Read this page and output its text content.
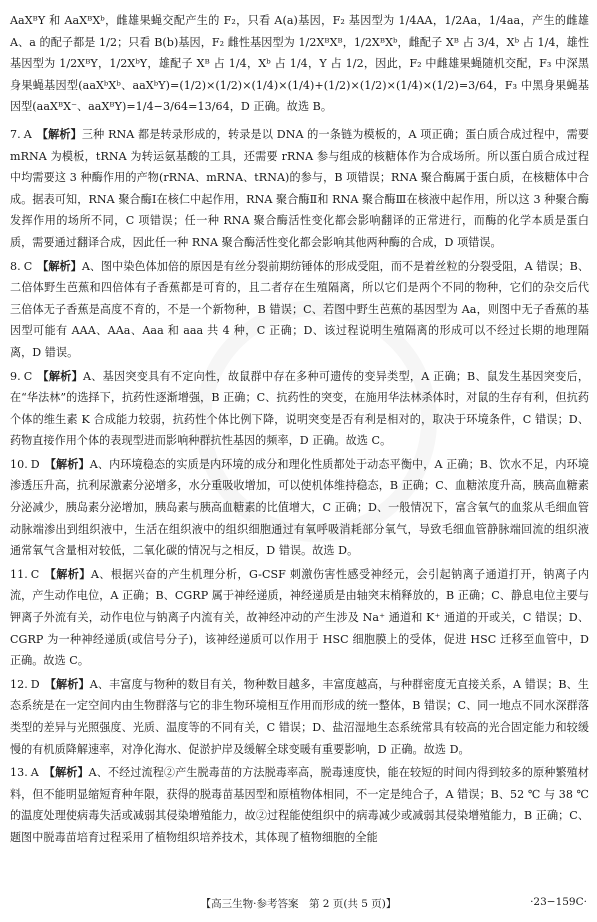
AaXᴮY 和 AaXᴮXᵇ，雌雄果蝇交配产生的 F₂，只看 A(a)基因，F₂ 基因型为 1/4AA，1/2Aa，1/4aa，产生的雌雄A、a 的配子都是 1/2；只看 B(b)基因，F₂ 雌性基因型为 1/2XᴮXᴮ，1/2XᴮXᵇ，雌配子 Xᴮ 占 3/4，Xᵇ 占 1/4，雄性基因型为 1/2XᴮY，1/2XᵇY，雄配子 Xᴮ 占 1/4，Xᵇ 占 1/4，Y 占 1/2，因此，F₂ 中雌雄果蝇随机交配，F₃ 中深黑身果蝇基因型(aaXᵇXᵇ、aaXᵇY)=(1/2)×(1/2)×(1/4)×(1/4)+(1/2)×(1/2)×(1/4)×(1/2)=3/64，F₃ 中黑身果蝇基因型(aaXᴮX⁻、aaXᴮY)=1/4−3/64=13/64，D 正确。故选 B。

7. A 【解析】三种 RNA 都是转录形成的，转录是以 DNA 的一条链为模板的，A 项正确；蛋白质合成过程中，需要 mRNA 为模板，tRNA 为转运氨基酸的工具，还需要 rRNA 参与组成的核糖体作为合成场所。所以蛋白质合成过程中均需要这 3 种酶作用的产物(rRNA、mRNA、tRNA)的参与，B 项错误；RNA 聚合酶属于蛋白质，在核糖体中合成。据表可知，RNA 聚合酶Ⅰ在核仁中起作用，RNA 聚合酶Ⅱ和 RNA 聚合酶Ⅲ在核液中起作用，所以这 3 种聚合酶发挥作用的场所不同，C 项错误；任一种 RNA 聚合酶活性变化都会影响翻译的正常进行，而酶的化学本质是蛋白质，需要通过翻译合成，因此任一种 RNA 聚合酶活性变化都会影响其他两种酶的合成，D 项错误。

8. C 【解析】A、图中染色体加倍的原因是有丝分裂前期纺锤体的形成受阻，而不是着丝粒的分裂受阻，A 错误；B、二倍体野生芭蕉和四倍体有子香蕉都是可育的，且二者存在生殖隔离，所以它们是两个不同的物种，它们的杂交后代三倍体无子香蕉是高度不育的，不是一个新物种，B 错误；C、若图中野生芭蕉的基因型为 Aa，则图中无子香蕉的基因型可能有 AAA、AAa、Aaa 和 aaa 共 4 种，C 正确；D、该过程说明生殖隔离的形成可以不经过长期的地理隔离，D 错误。

9. C 【解析】A、基因突变具有不定向性，故鼠群中存在多种可遗传的变异类型，A 正确；B、鼠发生基因突变后，在“华法林”的选择下，抗药性逐渐增强，B 正确；C、抗药性的突变，在施用华法林杀体时，对鼠的生存有利，但抗药个体的维生素 K 合成能力较弱，抗药性个体比例下降，说明突变是否有利是相对的，取决于环境条件，C 错误；D、药物直接作用个体的表现型进而影响种群抗性基因的频率，D 正确。故选 C。

10. D 【解析】A、内环境稳态的实质是内环境的成分和理化性质都处于动态平衡中，A 正确；B、饮水不足，内环境渗透压升高，抗利尿激素分泌增多，水分重吸收增加，可以使机体维持稳态，B 正确；C、血糖浓度升高，胰高血糖素分泌减少，胰岛素分泌增加，胰岛素与胰高血糖素的比值增大，C 正确；D、一般情况下，富含氧气的血浆从毛细血管动脉端渗出到组织液中，生活在组织液中的组织细胞通过有氧呼吸消耗部分氧气，导致毛细血管静脉端回流的组织液通常氧气含量相对较低，二氧化碳的情况与之相反，D 错误。故选 D。

11. C 【解析】A、根据兴奋的产生机理分析，G-CSF 刺激伤害性感受神经元，会引起钠离子通道打开，钠离子内流，产生动作电位，A 正确；B、CGRP 属于神经递质，神经递质是由轴突末梢释放的，B 正确；C、静息电位主要与钾离子外流有关，动作电位与钠离子内流有关，故神经冲动的产生涉及 Na⁺ 通道和 K⁺ 通道的开或关，C 错误；D、CGRP 为一种神经递质(或信号分子)，该神经递质可以作用于 HSC 细胞膜上的受体，促进 HSC 迁移至血管中，D 正确。故选 C。

12. D 【解析】A、丰富度与物种的数目有关，物种数目越多，丰富度越高，与种群密度无直接关系，A 错误；B、生态系统是在一定空间内由生物群落与它的非生物环境相互作用而形成的统一整体，B 错误；C、同一地点不同水深群落类型的差异与光照强度、光质、温度等的不同有关，C 错误；D、盐沼湿地生态系统常具有较高的光合固定能力和较缓慢的有机质降解速率，对净化海水、促淤护岸及缓解全球变暖有重要影响，D 正确。故选 D。

13. A 【解析】A、不经过流程②产生脱毒苗的方法脱毒率高，脱毒速度快，能在较短的时间内得到较多的原种繁殖材料，但不能明显缩短育种年限，获得的脱毒苗基因型和原植物体相同，不一定是纯合子，A 错误；B、52 ℃ 与 38 ℃ 的温度处理使病毒失活或减弱其侵染增殖能力，故②过程能使组织中的病毒减少或减弱其侵染增殖能力，B 正确；C、题图中脱毒苗培育过程采用了植物组织培养技术，其体现了植物细胞的全能

【高三生物·参考答案　第 2 页(共 5 页)】	·23−159C·
